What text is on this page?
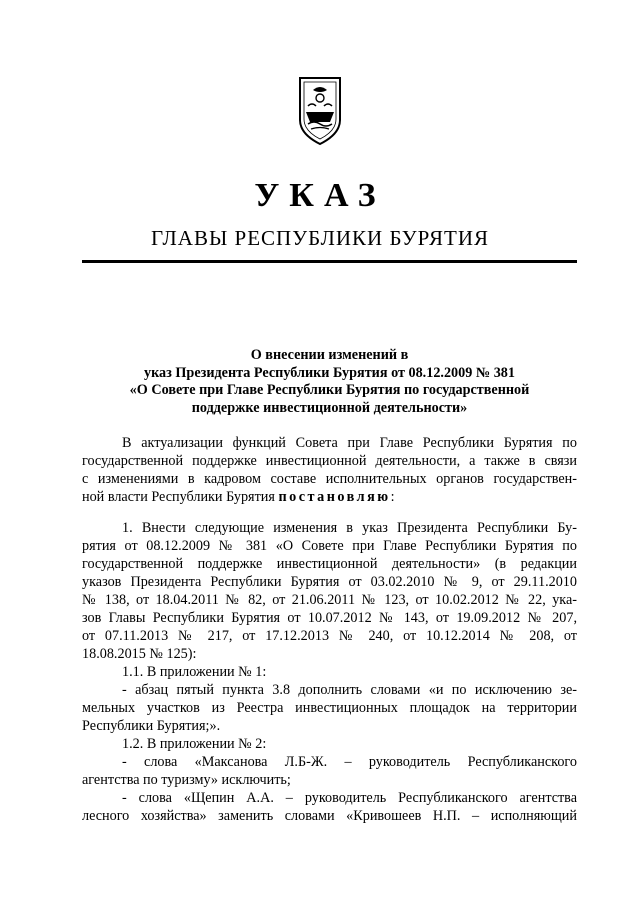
УКАЗ
ГЛАВЫ РЕСПУБЛИКИ БУРЯТИЯ
О внесении изменений в
указ Президента Республики Бурятия от 08.12.2009 № 381
«О Совете при Главе Республики Бурятия по государственной
поддержке инвестиционной деятельности»
В актуализации функций Совета при Главе Республики Бурятия по
государственной поддержке инвестиционной деятельности, а также в связи
с изменениями в кадровом составе исполнительных органов государствен-
ной власти Республики Бурятия постановляю:
1. Внести следующие изменения в указ Президента Республики Бу-
рятия от 08.12.2009 № 381 «О Совете при Главе Республики Бурятия по
государственной поддержке инвестиционной деятельности» (в редакции
указов Президента Республики Бурятия от 03.02.2010 № 9, от 29.11.2010
№ 138, от 18.04.2011 № 82, от 21.06.2011 № 123, от 10.02.2012 № 22, ука-
зов Главы Республики Бурятия от 10.07.2012 № 143, от 19.09.2012 № 207,
от 07.11.2013 № 217, от 17.12.2013 № 240, от 10.12.2014 № 208, от
18.08.2015 № 125):
1.1. В приложении № 1:
- абзац пятый пункта 3.8 дополнить словами «и по исключению зе-
мельных участков из Реестра инвестиционных площадок на территории
Республики Бурятия;».
1.2. В приложении № 2:
- слова «Максанова Л.Б-Ж. – руководитель Республиканского
агентства по туризму» исключить;
- слова «Щепин А.А. – руководитель Республиканского агентства
лесного хозяйства» заменить словами «Кривошеев Н.П. – исполняющий
